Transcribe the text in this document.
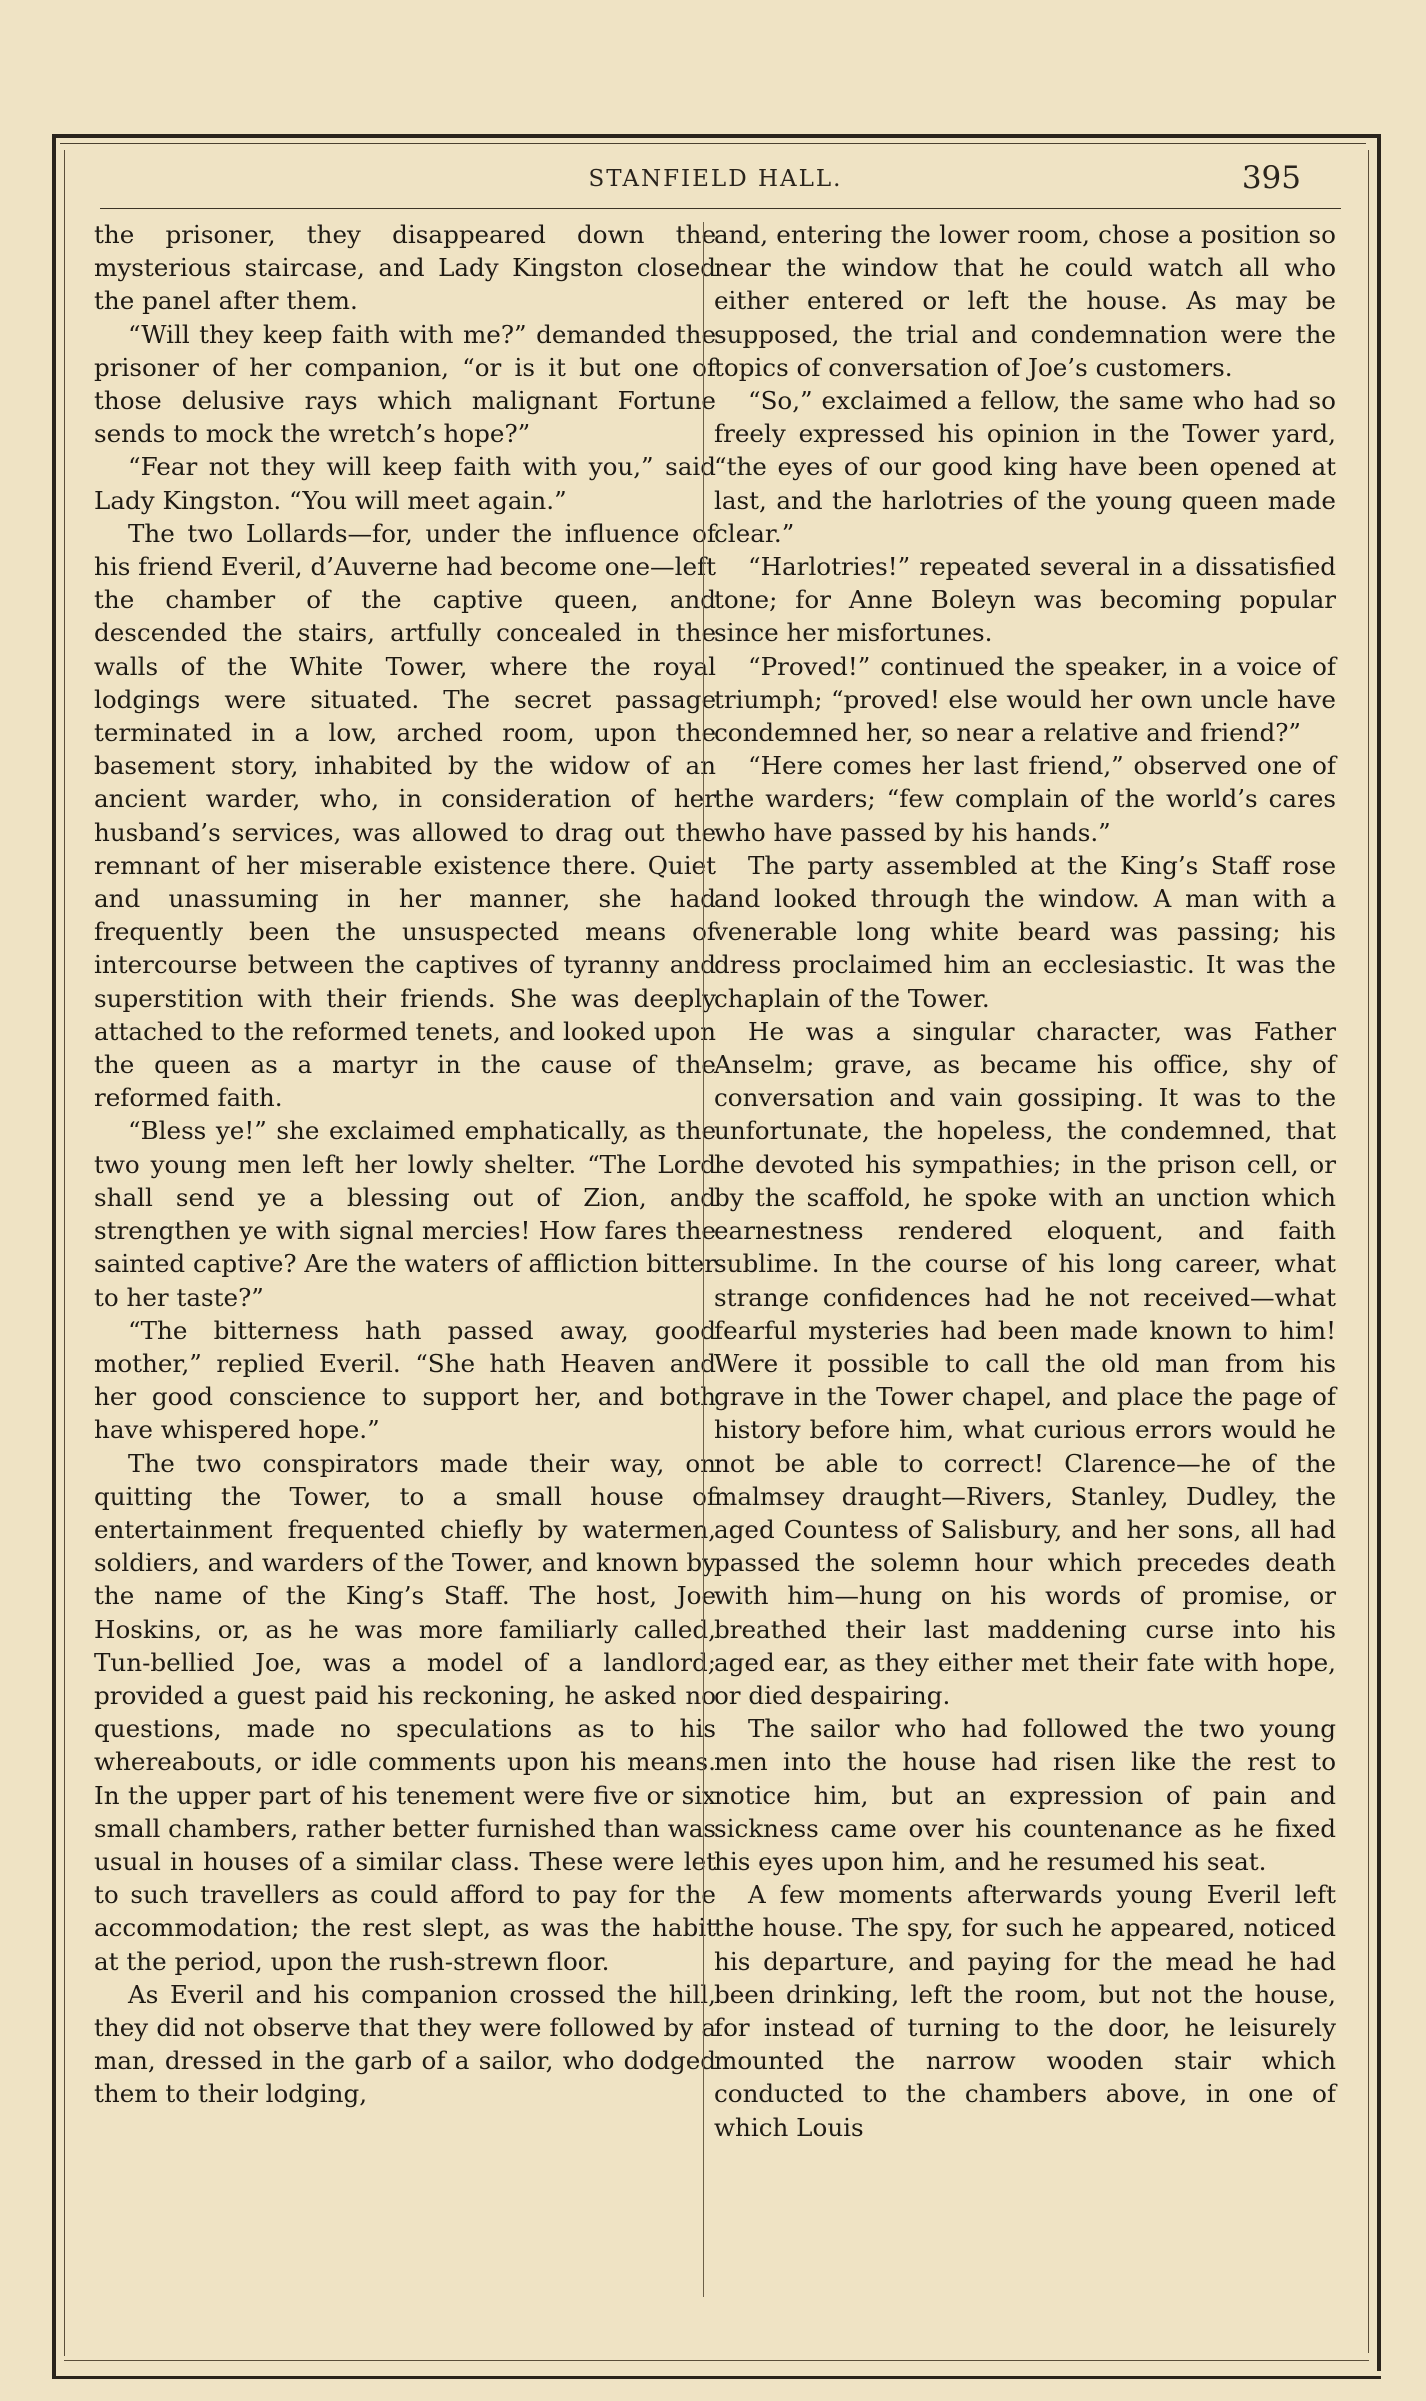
STANFIELD HALL.	395

the prisoner, they disappeared down the mysterious staircase, and Lady Kingston closed the panel after them.

“Will they keep faith with me?” demanded the prisoner of her companion, “or is it but one of those delusive rays which malignant Fortune sends to mock the wretch’s hope?”

“Fear not they will keep faith with you,” said Lady Kingston. “You will meet again.”

The two Lollards—for, under the influence of his friend Everil, d’Auverne had become one—left the chamber of the captive queen, and descended the stairs, artfully concealed in the walls of the White Tower, where the royal lodgings were situated. The secret passage terminated in a low, arched room, upon the basement story, inhabited by the widow of an ancient warder, who, in consideration of her husband’s services, was allowed to drag out the remnant of her miserable existence there. Quiet and unassuming in her manner, she had frequently been the unsuspected means of intercourse between the captives of tyranny and superstition with their friends. She was deeply attached to the reformed tenets, and looked upon the queen as a martyr in the cause of the reformed faith.

“Bless ye!” she exclaimed emphatically, as the two young men left her lowly shelter. “The Lord shall send ye a blessing out of Zion, and strengthen ye with signal mercies! How fares the sainted captive? Are the waters of affliction bitter to her taste?”

“The bitterness hath passed away, good mother,” replied Everil. “She hath Heaven and her good conscience to support her, and both have whispered hope.”

The two conspirators made their way, on quitting the Tower, to a small house of entertainment frequented chiefly by watermen, soldiers, and warders of the Tower, and known by the name of the King’s Staff. The host, Joe Hoskins, or, as he was more familiarly called, Tun-bellied Joe, was a model of a landlord; provided a guest paid his reckoning, he asked no questions, made no speculations as to his whereabouts, or idle comments upon his means. In the upper part of his tenement were five or six small chambers, rather better furnished than was usual in houses of a similar class. These were let to such travellers as could afford to pay for the accommodation; the rest slept, as was the habit at the period, upon the rush-strewn floor.

As Everil and his companion crossed the hill, they did not observe that they were followed by a man, dressed in the garb of a sailor, who dodged them to their lodging,

and, entering the lower room, chose a position so near the window that he could watch all who either entered or left the house. As may be supposed, the trial and condemnation were the topics of conversation of Joe’s customers.

“So,” exclaimed a fellow, the same who had so freely expressed his opinion in the Tower yard, “the eyes of our good king have been opened at last, and the harlotries of the young queen made clear.”

“Harlotries!” repeated several in a dissatisfied tone; for Anne Boleyn was becoming popular since her misfortunes.

“Proved!” continued the speaker, in a voice of triumph; “proved! else would her own uncle have condemned her, so near a relative and friend?”

“Here comes her last friend,” observed one of the warders; “few complain of the world’s cares who have passed by his hands.”

The party assembled at the King’s Staff rose and looked through the window. A man with a venerable long white beard was passing; his dress proclaimed him an ecclesiastic. It was the chaplain of the Tower.

He was a singular character, was Father Anselm; grave, as became his office, shy of conversation and vain gossiping. It was to the unfortunate, the hopeless, the condemned, that he devoted his sympathies; in the prison cell, or by the scaffold, he spoke with an unction which earnestness rendered eloquent, and faith sublime. In the course of his long career, what strange confidences had he not received—what fearful mysteries had been made known to him! Were it possible to call the old man from his grave in the Tower chapel, and place the page of history before him, what curious errors would he not be able to correct! Clarence—he of the malmsey draught—Rivers, Stanley, Dudley, the aged Countess of Salisbury, and her sons, all had passed the solemn hour which precedes death with him—hung on his words of promise, or breathed their last maddening curse into his aged ear, as they either met their fate with hope, or died despairing.

The sailor who had followed the two young men into the house had risen like the rest to notice him, but an expression of pain and sickness came over his countenance as he fixed his eyes upon him, and he resumed his seat.

A few moments afterwards young Everil left the house. The spy, for such he appeared, noticed his departure, and paying for the mead he had been drinking, left the room, but not the house, for instead of turning to the door, he leisurely mounted the narrow wooden stair which conducted to the chambers above, in one of which Louis
